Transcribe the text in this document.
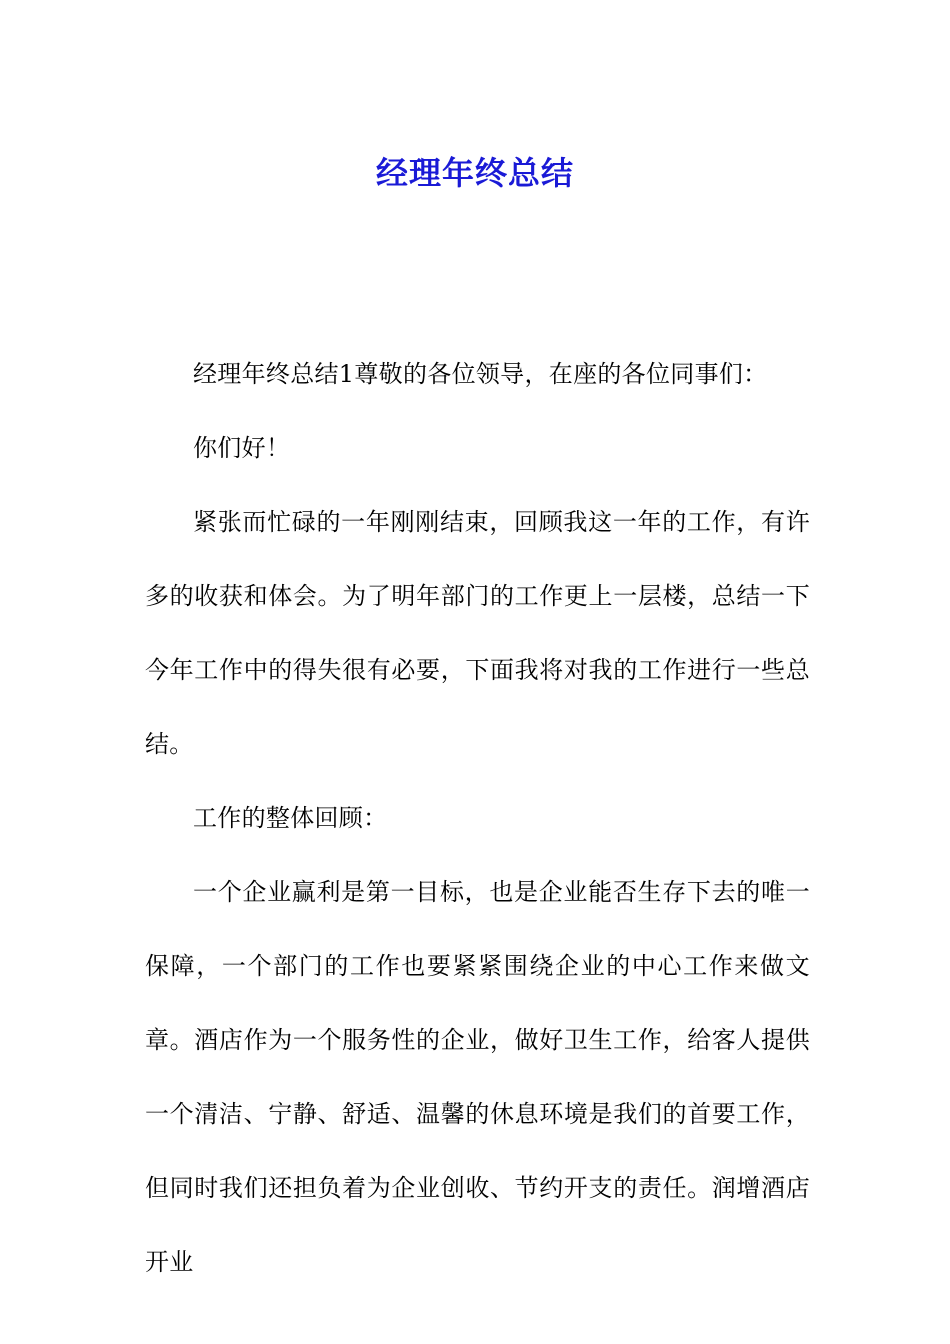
经理年终总结

经理年终总结1尊敬的各位领导，在座的各位同事们：

你们好！

紧张而忙碌的一年刚刚结束，回顾我这一年的工作，有许多的收获和体会。为了明年部门的工作更上一层楼，总结一下今年工作中的得失很有必要，下面我将对我的工作进行一些总结。

工作的整体回顾：

一个企业赢利是第一目标，也是企业能否生存下去的唯一保障，一个部门的工作也要紧紧围绕企业的中心工作来做文章。酒店作为一个服务性的企业，做好卫生工作，给客人提供一个清洁、宁静、舒适、温馨的休息环境是我们的首要工作，但同时我们还担负着为企业创收、节约开支的责任。润增酒店开业
